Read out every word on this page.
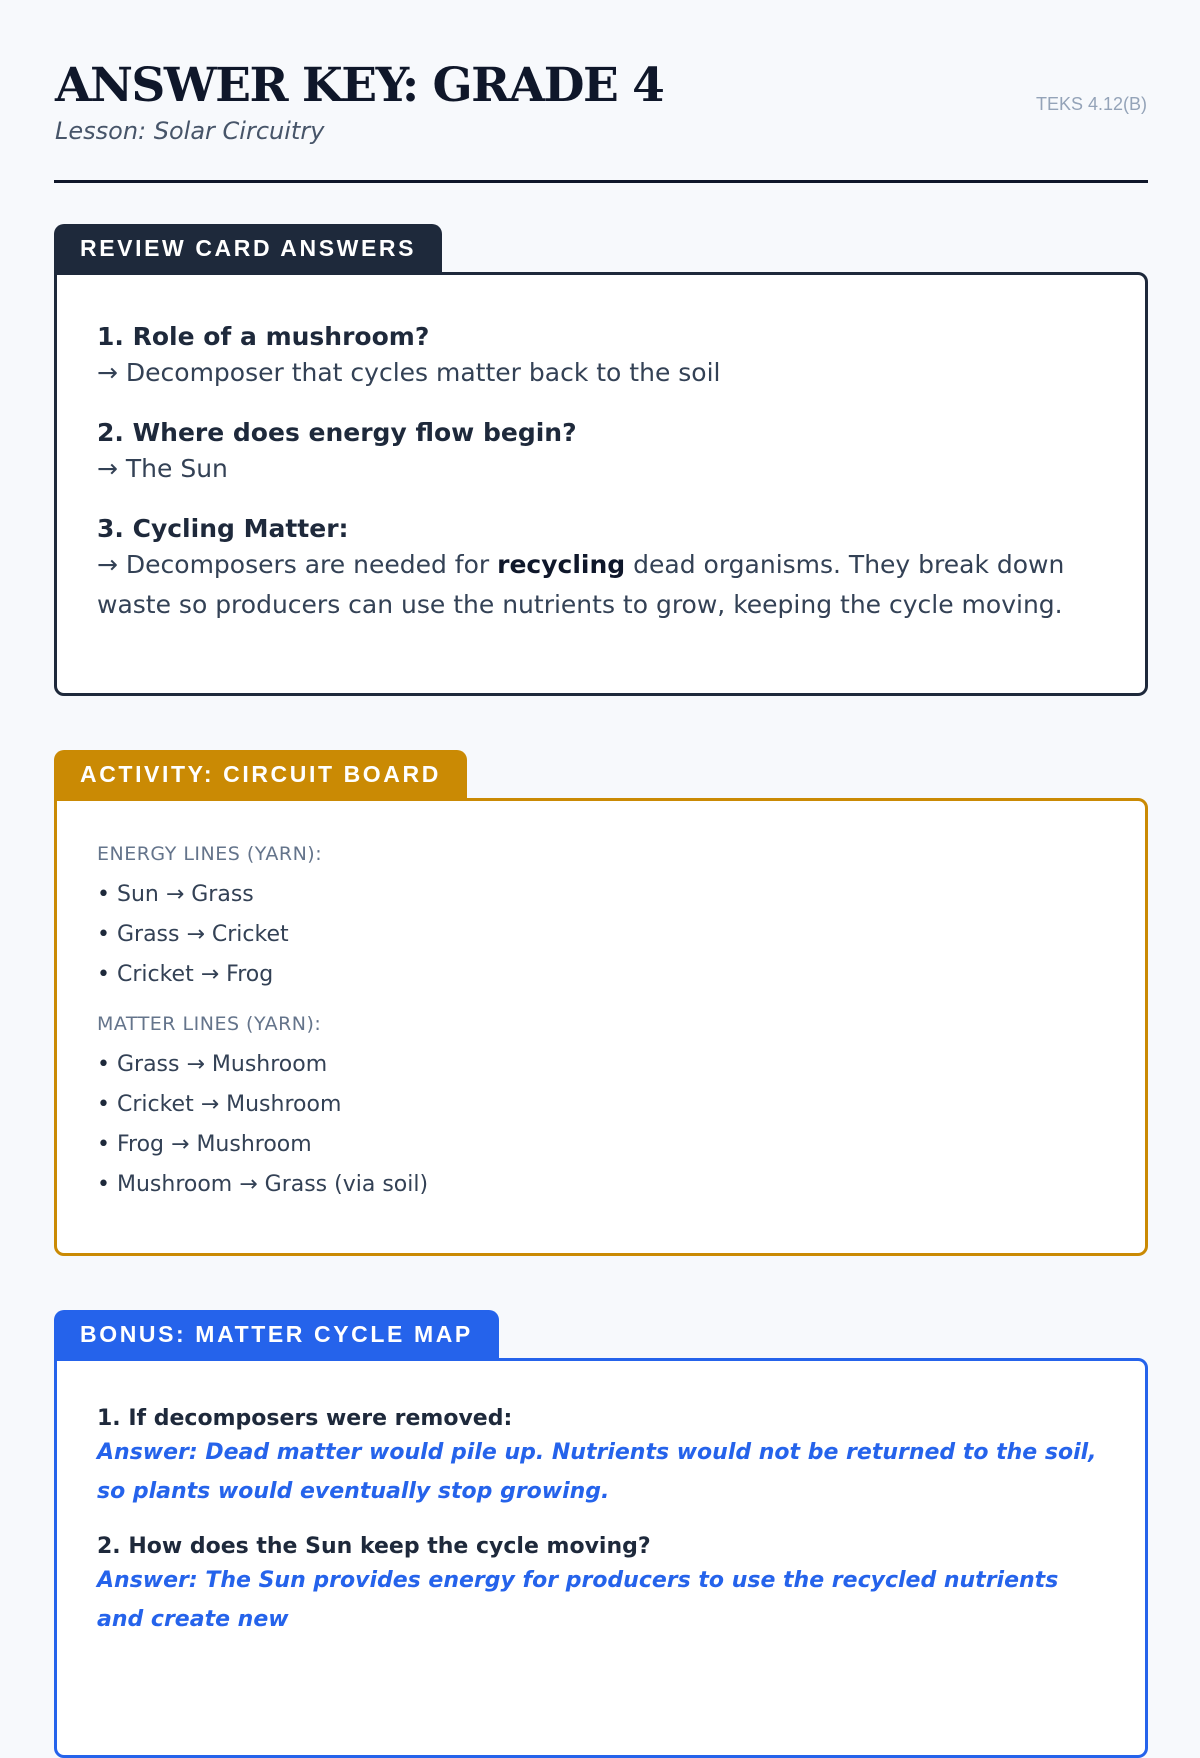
ANSWER KEY: GRADE 4
Lesson: Solar Circuitry
TEKS 4.12(B)
REVIEW CARD ANSWERS
1. Role of a mushroom?
→ Decomposer that cycles matter back to the soil
2. Where does energy flow begin?
→ The Sun
3. Cycling Matter:
→ Decomposers are needed for recycling dead organisms. They break down waste so producers can use the nutrients to grow, keeping the cycle moving.
ACTIVITY: CIRCUIT BOARD
ENERGY LINES (YARN):
• Sun → Grass
• Grass → Cricket
• Cricket → Frog
MATTER LINES (YARN):
• Grass → Mushroom
• Cricket → Mushroom
• Frog → Mushroom
• Mushroom → Grass (via soil)
BONUS: MATTER CYCLE MAP
1. If decomposers were removed:
Answer: Dead matter would pile up. Nutrients would not be returned to the soil, so plants would eventually stop growing.
2. How does the Sun keep the cycle moving?
Answer: The Sun provides energy for producers to use the recycled nutrients and create new
